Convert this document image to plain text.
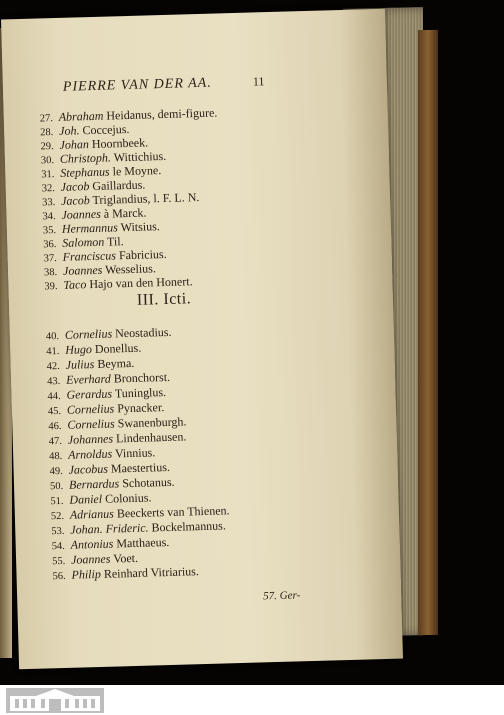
PIERRE VAN DER AA.	11
27. Abraham Heidanus, demi-figure.
28. Joh. Coccejus.
29. Johan Hoornbeek.
30. Christoph. Wittichius.
31. Stephanus le Moyne.
32. Jacob Gaillardus.
33. Jacob Triglandius, l. F. L. N.
34. Joannes à Marck.
35. Hermannus Witsius.
36. Salomon Til.
37. Franciscus Fabricius.
38. Joannes Wesselius.
39. Taco Hajo van den Honert.
III. Icti.
40. Cornelius Neostadius.
41. Hugo Donellus.
42. Julius Beyma.
43. Everhard Bronchorst.
44. Gerardus Tuninglus.
45. Cornelius Pynacker.
46. Cornelius Swanenburgh.
47. Johannes Lindenhausen.
48. Arnoldus Vinnius.
49. Jacobus Maestertius.
50. Bernardus Schotanus.
51. Daniel Colonius.
52. Adrianus Beeckerts van Thienen.
53. Johan. Frideric. Bockelmannus.
54. Antonius Matthaeus.
55. Joannes Voet.
56. Philip Reinhard Vitriarius.
57. Ger-
